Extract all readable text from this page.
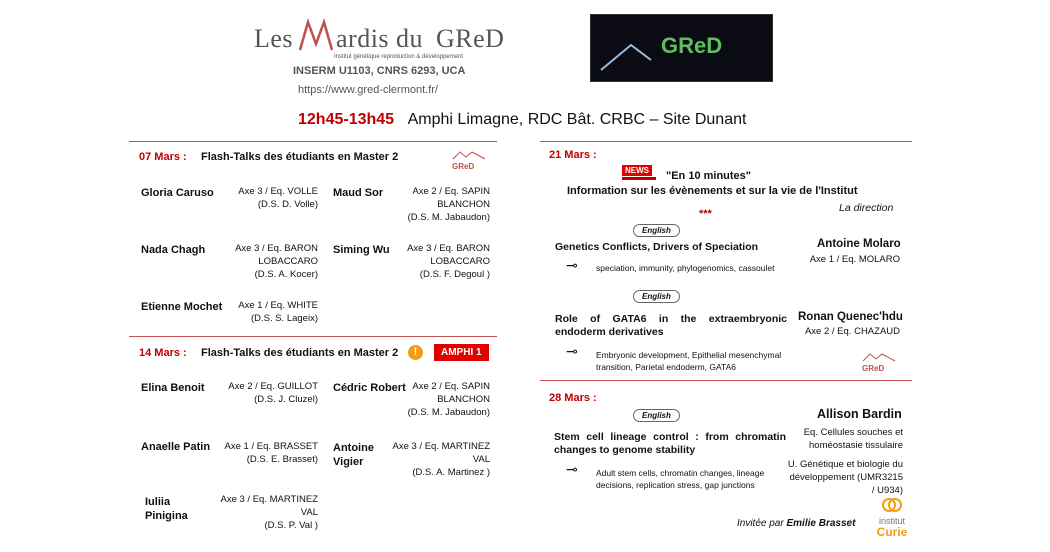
Les ardis du GReD
Institut génétique reproduction & développement
INSERM U1103, CNRS 6293, UCA
https://www.gred-clermont.fr/
12h45-13h45 Amphi Limagne, RDC Bât. CRBC – Site Dunant
GReD
07 Mars : Flash-Talks des étudiants en Master 2
GReD
Gloria Caruso	Axe 3 / Eq. VOLLE
(D.S. D. Volle)
Maud Sor	Axe 2 / Eq. SAPIN BLANCHON
(D.S. M. Jabaudon)
Nada Chagh	Axe 3 / Eq. BARON LOBACCARO
(D.S. A. Kocer)
Siming Wu	Axe 3 / Eq. BARON LOBACCARO
(D.S. F. Degoul )
Etienne Mochet	Axe 1 / Eq. WHITE
(D.S. S. Lageix)
14 Mars : Flash-Talks des étudiants en Master 2	!	AMPHI 1
Elina Benoit	Axe 2 / Eq. GUILLOT
(D.S. J. Cluzel)
Cédric Robert Axe 2 / Eq. SAPIN BLANCHON
(D.S. M. Jabaudon)
Anaelle Patin	Axe 1 / Eq. BRASSET
(D.S. E. Brasset)
Antoine Vigier
Axe 3 / Eq. MARTINEZ VAL
(D.S. A. Martinez )
Iuliia Pinigina
Axe 3 / Eq. MARTINEZ VAL
(D.S. P. Val )
21 Mars :
NEWS "En 10 minutes"
Information sur les évènements et sur la vie de l'Institut
La direction
***
English
Genetics Conflicts, Drivers of Speciation	Antoine Molaro
Axe 1 / Eq. MOLARO
⊸ speciation, immunity, phylogenomics, cassoulet
English
Role of GATA6 in the extraembryonic endoderm derivatives
Ronan Quenec'hdu
Axe 2 / Eq. CHAZAUD
⊸ Embryonic development, Epithelial mesenchymal transition, Parietal endoderm, GATA6	GReD
28 Mars :
English
Stem cell lineage control : from chromatin changes to genome stability
Allison Bardin
Eq. Cellules souches et homéostasie tissulaire
U. Génétique et biologie du développement (UMR3215 / U934)
⊸ Adult stem cells, chromatin changes, lineage decisions, replication stress, gap junctions
Invitée par Emilie Brasset	institut
Curie
